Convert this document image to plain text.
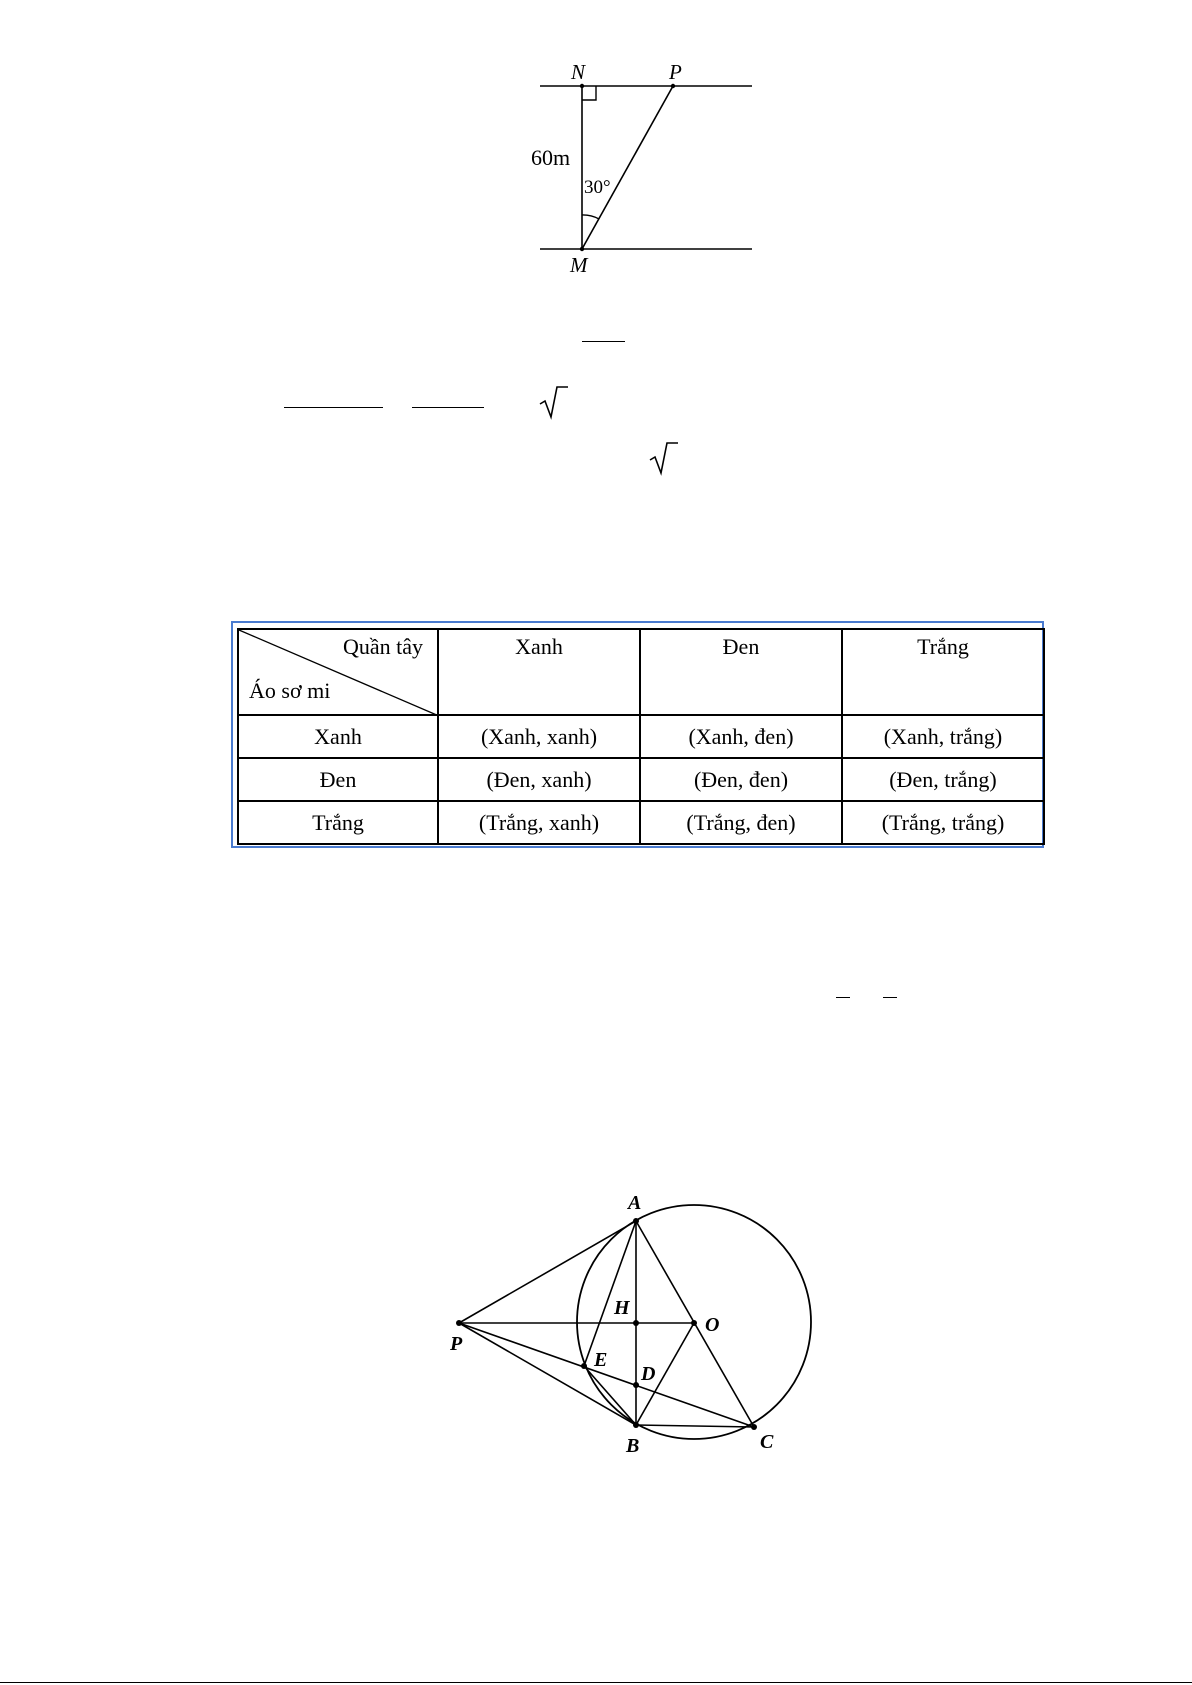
N	P
M
60m
30°
Quần tây
Áo sơ mi	Xanh	Đen	Trắng
Xanh	(Xanh, xanh)	(Xanh, đen)	(Xanh, trắng)
Đen	(Đen, xanh)	(Đen, đen)	(Đen, trắng)
Trắng	(Trắng, xanh)	(Trắng, đen)	(Trắng, trắng)
A
H
O
P
E
D
B	C
